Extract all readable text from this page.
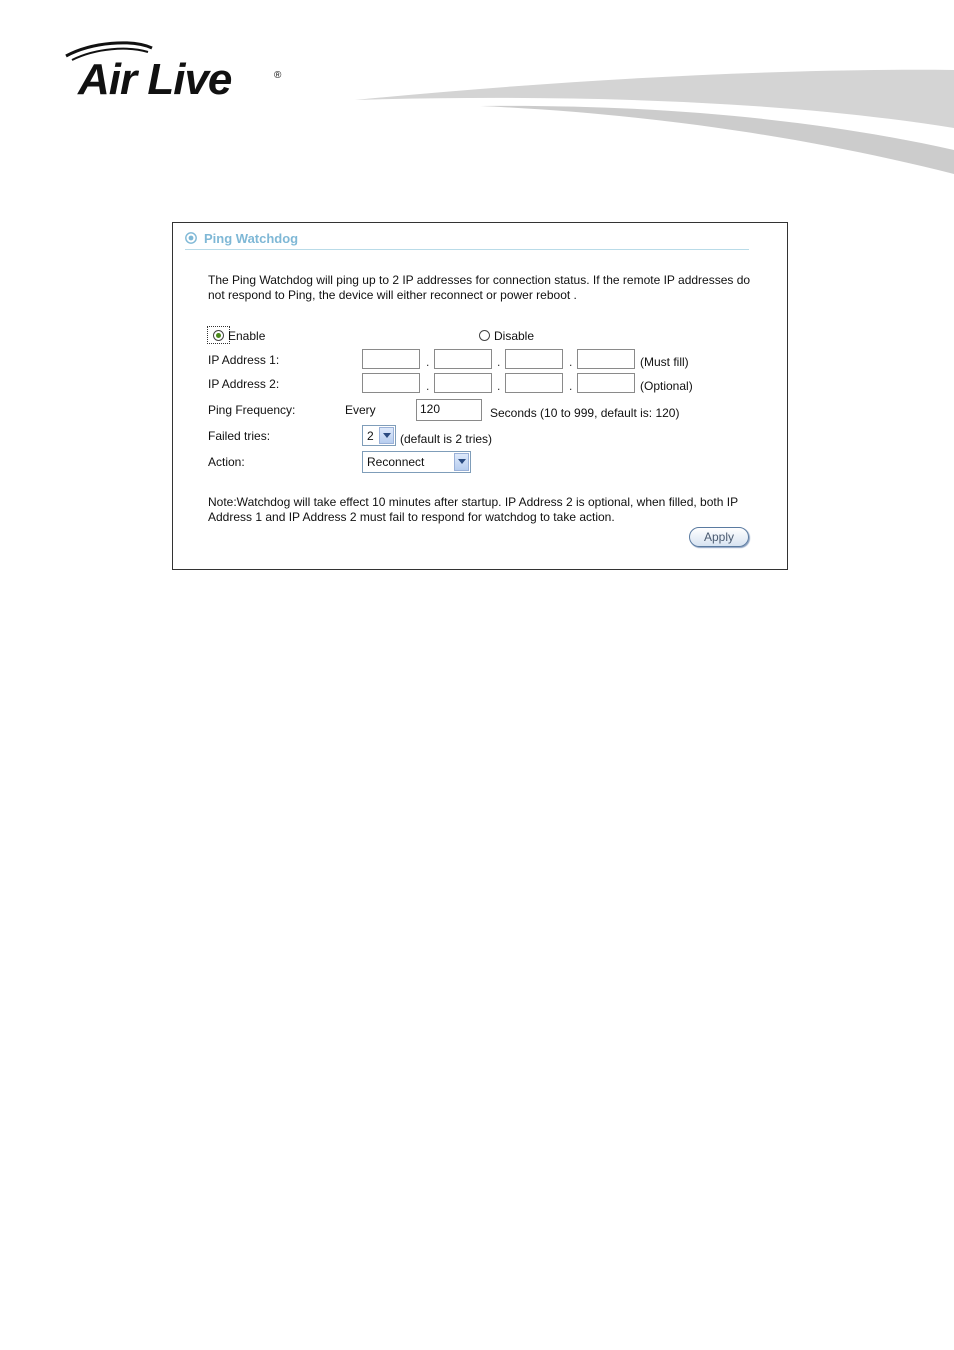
Air Live	®
Ping Watchdog
The Ping Watchdog will ping up to 2 IP addresses for connection status. If the remote IP addresses do not respond to Ping, the device will either reconnect or power reboot .
Enable	Disable
IP Address 1:	.	.	.	(Must fill)
IP Address 2:	.	.	.	(Optional)
Ping Frequency:	Every	120	Seconds (10 to 999, default is: 120)
Failed tries:	2 (default is 2 tries)
Action:	Reconnect
Note:Watchdog will take effect 10 minutes after startup. IP Address 2 is optional, when filled, both IP Address 1 and IP Address 2 must fail to respond for watchdog to take action.
Apply
